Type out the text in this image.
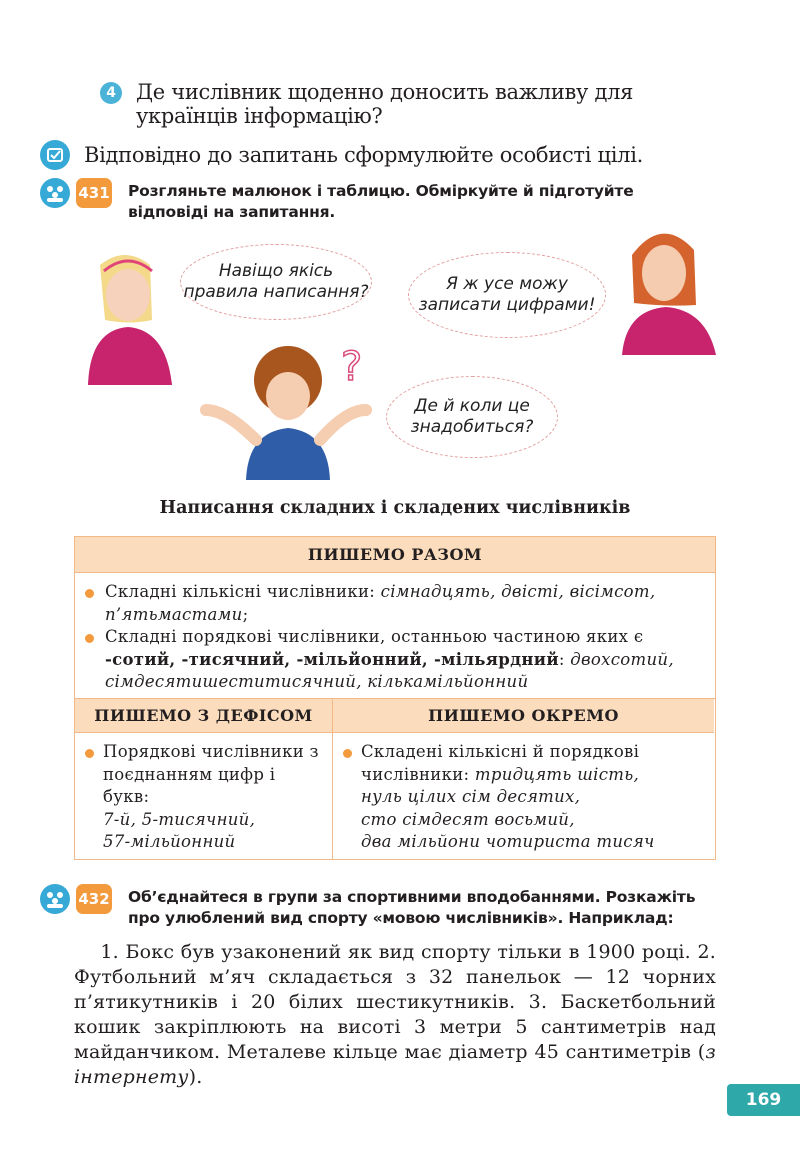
4 Де числівник щоденно доносить важливу для українців інформацію?
Відповідно до запитань сформулюйте особисті цілі.
431 Розгляньте малюнок і таблицю. Обміркуйте й підготуйте відповіді на запитання.
?
Навіщо якісь правила написання?	Я ж усе можу записати цифрами!
Де й коли це знадобиться?
Написання складних і складених числівників
ПИШЕМО РАЗОМ
Складні кількісні числівники: сімнадцять, двісті, вісімсот, п’ятьмастами;
Складні порядкові числівники, останньою частиною яких є -сотий, -тисячний, -мільйонний, -мільярдний: двохсотий, сімдесятишеститисячний, кількамільйонний
ПИШЕМО З ДЕФІСОМ	ПИШЕМО ОКРЕМО
Порядкові числівники з поєднанням цифр і букв:
7-й, 5-тисячний,
57-мільйонний
Складені кількісні й порядкові числівники: тридцять шість,
нуль цілих сім десятих,
сто сімдесят восьмий,
два мільйони чотириста тисяч
432 Об’єднайтеся в групи за спортивними вподобаннями. Розкажіть про улюблений вид спорту «мовою числівників». Наприклад:
1. Бокс був узаконений як вид спорту тільки в 1900 році. 2. Футбольний м’яч складається з 32 панельок — 12 чорних п’ятикутників і 20 білих шестикутників. 3. Баскетбольний кошик закріплюють на висоті 3 метри 5 сантиметрів над майданчиком. Металеве кільце має діаметр 45 сантиметрів (з інтернету).
169
